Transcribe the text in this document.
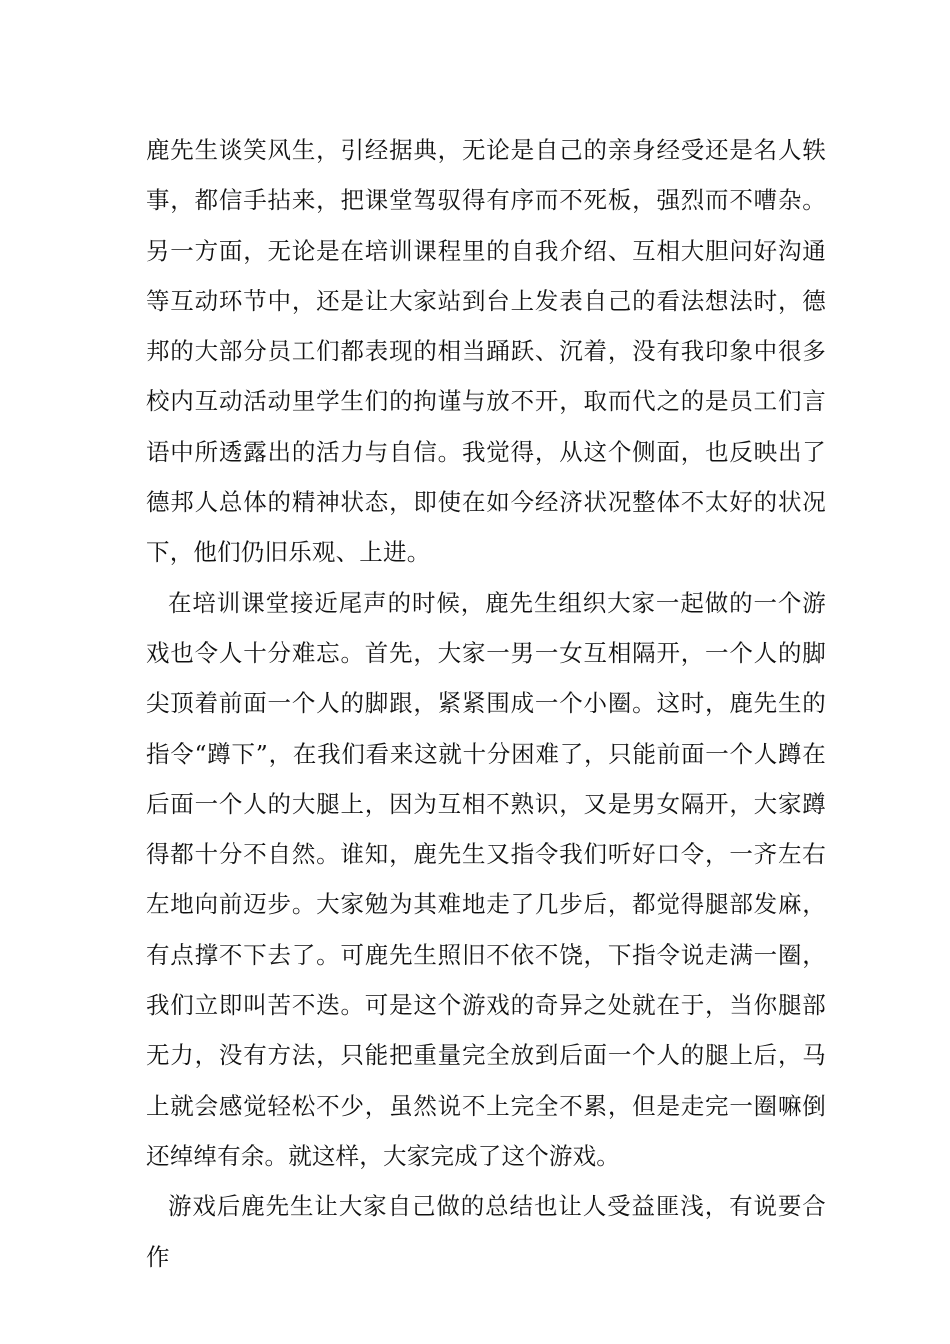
鹿先生谈笑风生，引经据典，无论是自己的亲身经受还是名人轶事，都信手拈来，把课堂驾驭得有序而不死板，强烈而不嘈杂。另一方面，无论是在培训课程里的自我介绍、互相大胆问好沟通等互动环节中，还是让大家站到台上发表自己的看法想法时，德邦的大部分员工们都表现的相当踊跃、沉着，没有我印象中很多校内互动活动里学生们的拘谨与放不开，取而代之的是员工们言语中所透露出的活力与自信。我觉得，从这个侧面，也反映出了德邦人总体的精神状态，即使在如今经济状况整体不太好的状况下，他们仍旧乐观、上进。

在培训课堂接近尾声的时候，鹿先生组织大家一起做的一个游戏也令人十分难忘。首先，大家一男一女互相隔开，一个人的脚尖顶着前面一个人的脚跟，紧紧围成一个小圈。这时，鹿先生的指令“蹲下”，在我们看来这就十分困难了，只能前面一个人蹲在后面一个人的大腿上，因为互相不熟识，又是男女隔开，大家蹲得都十分不自然。谁知，鹿先生又指令我们听好口令，一齐左右左地向前迈步。大家勉为其难地走了几步后，都觉得腿部发麻，有点撑不下去了。可鹿先生照旧不依不饶，下指令说走满一圈，我们立即叫苦不迭。可是这个游戏的奇异之处就在于，当你腿部无力，没有方法，只能把重量完全放到后面一个人的腿上后，马上就会感觉轻松不少，虽然说不上完全不累，但是走完一圈嘛倒还绰绰有余。就这样，大家完成了这个游戏。

游戏后鹿先生让大家自己做的总结也让人受益匪浅，有说要合作
